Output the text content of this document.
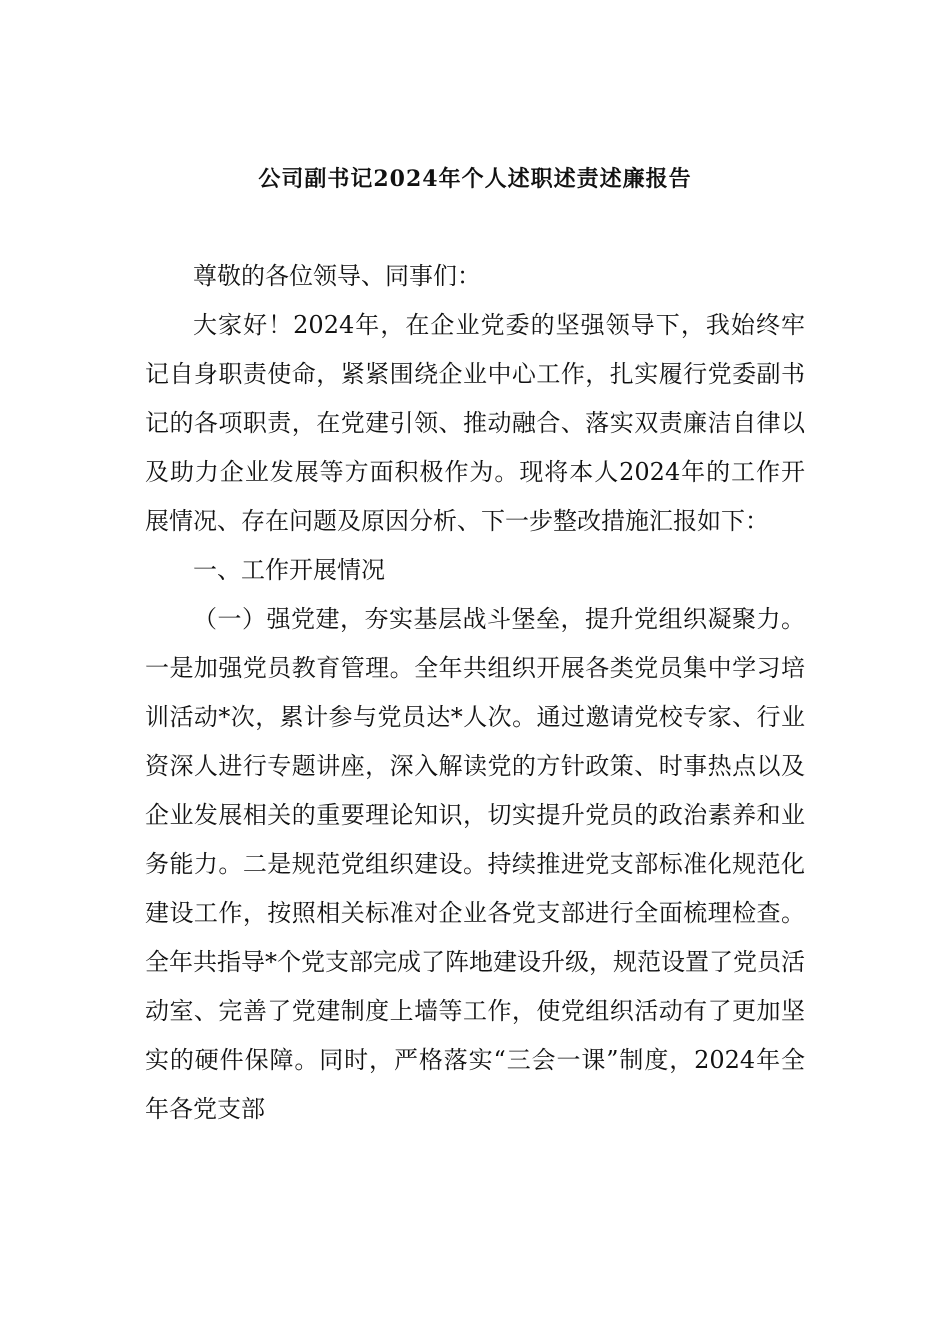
公司副书记2024年个人述职述责述廉报告

尊敬的各位领导、同事们：

大家好！2024年，在企业党委的坚强领导下，我始终牢记自身职责使命，紧紧围绕企业中心工作，扎实履行党委副书记的各项职责，在党建引领、推动融合、落实双责廉洁自律以及助力企业发展等方面积极作为。现将本人2024年的工作开展情况、存在问题及原因分析、下一步整改措施汇报如下：

一、工作开展情况

（一）强党建，夯实基层战斗堡垒，提升党组织凝聚力。一是加强党员教育管理。全年共组织开展各类党员集中学习培训活动*次，累计参与党员达*人次。通过邀请党校专家、行业资深人进行专题讲座，深入解读党的方针政策、时事热点以及企业发展相关的重要理论知识，切实提升党员的政治素养和业务能力。二是规范党组织建设。持续推进党支部标准化规范化建设工作，按照相关标准对企业各党支部进行全面梳理检查。全年共指导*个党支部完成了阵地建设升级，规范设置了党员活动室、完善了党建制度上墙等工作，使党组织活动有了更加坚实的硬件保障。同时，严格落实“三会一课”制度，2024年全年各党支部
